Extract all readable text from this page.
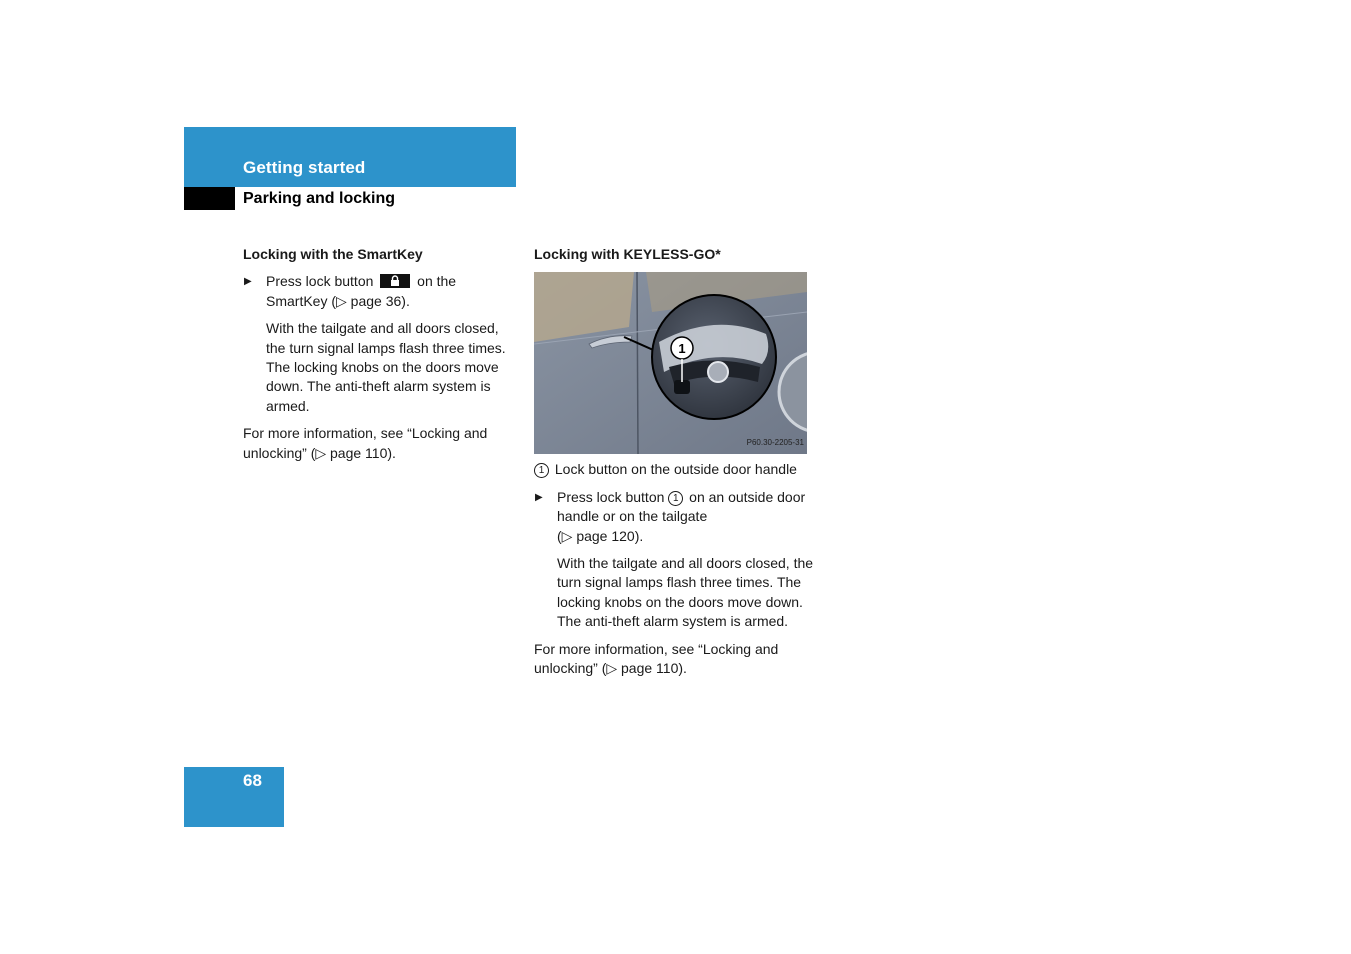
Getting started
Parking and locking
Locking with the SmartKey
▶ Press lock button	on the SmartKey (▷ page 36).
With the tailgate and all doors closed, the turn signal lamps flash three times. The locking knobs on the doors move down. The anti-theft alarm system is armed.
For more information, see “Locking and unlocking” (▷ page 110).
Locking with KEYLESS-GO*
1
P60.30-2205-31
1 Lock button on the outside door handle
▶ Press lock button 1 on an outside door handle or on the tailgate
(▷ page 120).
With the tailgate and all doors closed, the turn signal lamps flash three times. The locking knobs on the doors move down. The anti-theft alarm system is armed.
For more information, see “Locking and unlocking” (▷ page 110).
68
